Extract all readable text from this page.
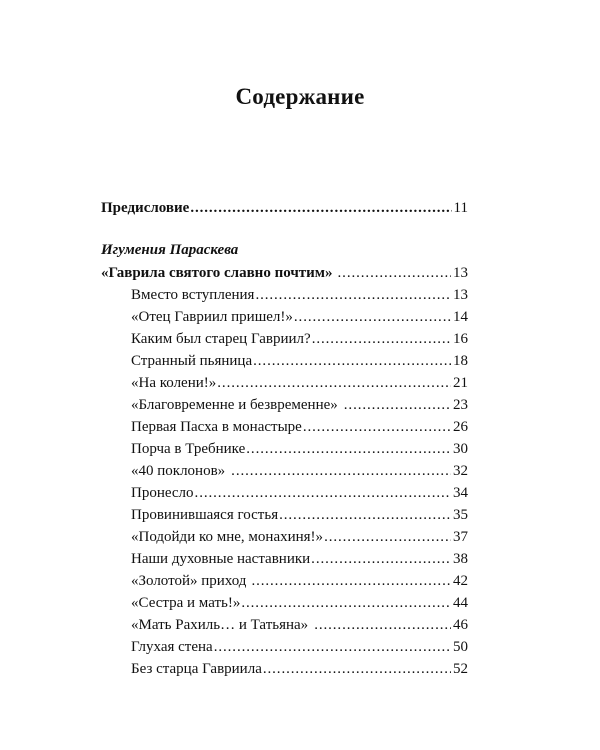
Содержание
Предисловие .....	11
Игумения Параскева
«Гаврила святого славно почтим» .....	13
Вместо вступления .....	13
«Отец Гавриил пришел!» .....	14
Каким был старец Гавриил? .....	16
Странный пьяница .....	18
«На колени!» .....	21
«Благовременне и безвременне» .....	23
Первая Пасха в монастыре .....	26
Порча в Требнике .....	30
«40 поклонов» .....	32
Пронесло .....	34
Провинившаяся гостья .....	35
«Подойди ко мне, монахиня!» .....	37
Наши духовные наставники .....	38
«Золотой» приход .....	42
«Сестра и мать!» .....	44
«Мать Рахиль… и Татьяна» .....	46
Глухая стена .....	50
Без старца Гавриила .....	52
